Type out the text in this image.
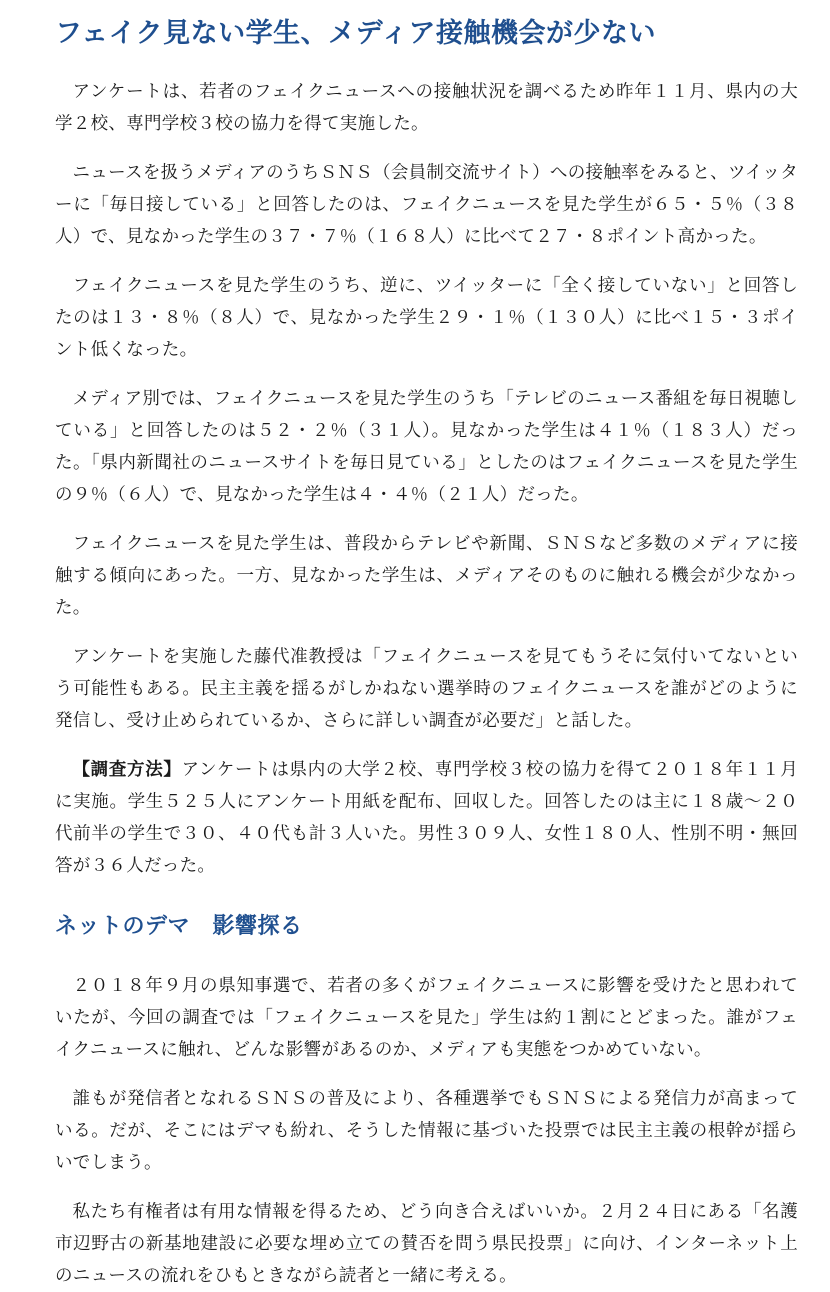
フェイク見ない学生、メディア接触機会が少ない

アンケートは、若者のフェイクニュースへの接触状況を調べるため昨年１１月、県内の大学２校、専門学校３校の協力を得て実施した。

ニュースを扱うメディアのうちＳＮＳ（会員制交流サイト）への接触率をみると、ツイッターに「毎日接している」と回答したのは、フェイクニュースを見た学生が６５・５％（３８人）で、見なかった学生の３７・７％（１６８人）に比べて２７・８ポイント高かった。

フェイクニュースを見た学生のうち、逆に、ツイッターに「全く接していない」と回答したのは１３・８％（８人）で、見なかった学生２９・１％（１３０人）に比べ１５・３ポイント低くなった。

メディア別では、フェイクニュースを見た学生のうち「テレビのニュース番組を毎日視聴している」と回答したのは５２・２％（３１人）。見なかった学生は４１％（１８３人）だった。「県内新聞社のニュースサイトを毎日見ている」としたのはフェイクニュースを見た学生の９％（６人）で、見なかった学生は４・４％（２１人）だった。

フェイクニュースを見た学生は、普段からテレビや新聞、ＳＮＳなど多数のメディアに接触する傾向にあった。一方、見なかった学生は、メディアそのものに触れる機会が少なかった。

アンケートを実施した藤代准教授は「フェイクニュースを見てもうそに気付いてないという可能性もある。民主主義を揺るがしかねない選挙時のフェイクニュースを誰がどのように発信し、受け止められているか、さらに詳しい調査が必要だ」と話した。

【調査方法】アンケートは県内の大学２校、専門学校３校の協力を得て２０１８年１１月に実施。学生５２５人にアンケート用紙を配布、回収した。回答したのは主に１８歳～２０代前半の学生で３０、４０代も計３人いた。男性３０９人、女性１８０人、性別不明・無回答が３６人だった。

ネットのデマ　影響探る

２０１８年９月の県知事選で、若者の多くがフェイクニュースに影響を受けたと思われていたが、今回の調査では「フェイクニュースを見た」学生は約１割にとどまった。誰がフェイクニュースに触れ、どんな影響があるのか、メディアも実態をつかめていない。

誰もが発信者となれるＳＮＳの普及により、各種選挙でもＳＮＳによる発信力が高まっている。だが、そこにはデマも紛れ、そうした情報に基づいた投票では民主主義の根幹が揺らいでしまう。

私たち有権者は有用な情報を得るため、どう向き合えばいいか。２月２４日にある「名護市辺野古の新基地建設に必要な埋め立ての賛否を問う県民投票」に向け、インターネット上のニュースの流れをひもときながら読者と一緒に考える。
